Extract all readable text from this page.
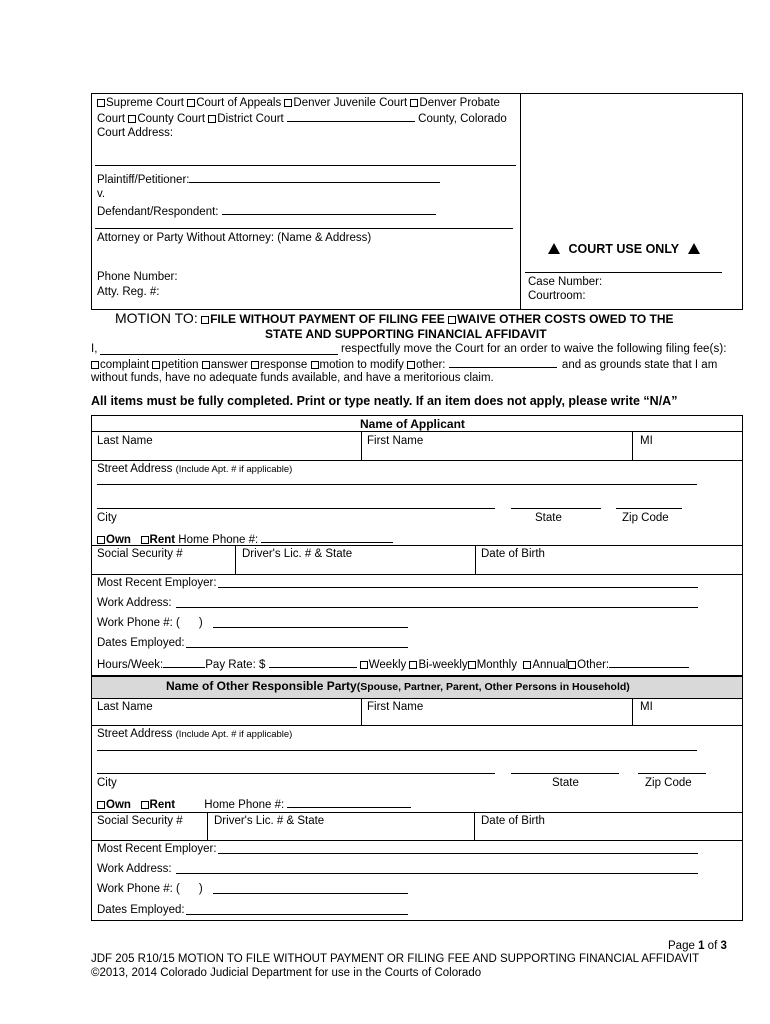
Supreme Court Court of Appeals Denver Juvenile Court Denver Probate
Court County Court District Court	County, Colorado
Court Address:
Plaintiff/Petitioner:
v.
Defendant/Respondent:
Attorney or Party Without Attorney: (Name & Address)
Phone Number:
Atty. Reg. #:
COURT USE ONLY
Case Number:
Courtroom:
MOTION TO: FILE WITHOUT PAYMENT OF FILING FEE WAIVE OTHER COSTS OWED TO THE
STATE AND SUPPORTING FINANCIAL AFFIDAVIT
I,	respectfully move the Court for an order to waive the following filing fee(s):
complaint petition answer response motion to modify other:	and as grounds state that I am
without funds, have no adequate funds available, and have a meritorious claim.
All items must be fully completed. Print or type neatly. If an item does not apply, please write “N/A”
Name of Applicant
Last Name	First Name	MI
Street Address (Include Apt. # if applicable)
City	State	Zip Code
Own Rent Home Phone #:
Social Security #	Driver's Lic. # & State	Date of Birth
Most Recent Employer:
Work Address:
Work Phone #: ( )
Dates Employed:
Hours/Week:	Pay Rate: $	Weekly Bi-weekly Monthly Annual Other:
Name of Other Responsible Party(Spouse, Partner, Parent, Other Persons in Household)
Last Name	First Name	MI
Street Address (Include Apt. # if applicable)
City	State	Zip Code
Own Rent	Home Phone #:
Social Security #	Driver's Lic. # & State	Date of Birth
Most Recent Employer:
Work Address:
Work Phone #: ( )
Dates Employed:
Page 1 of 3
JDF 205 R10/15 MOTION TO FILE WITHOUT PAYMENT OR FILING FEE AND SUPPORTING FINANCIAL AFFIDAVIT
©2013, 2014 Colorado Judicial Department for use in the Courts of Colorado
